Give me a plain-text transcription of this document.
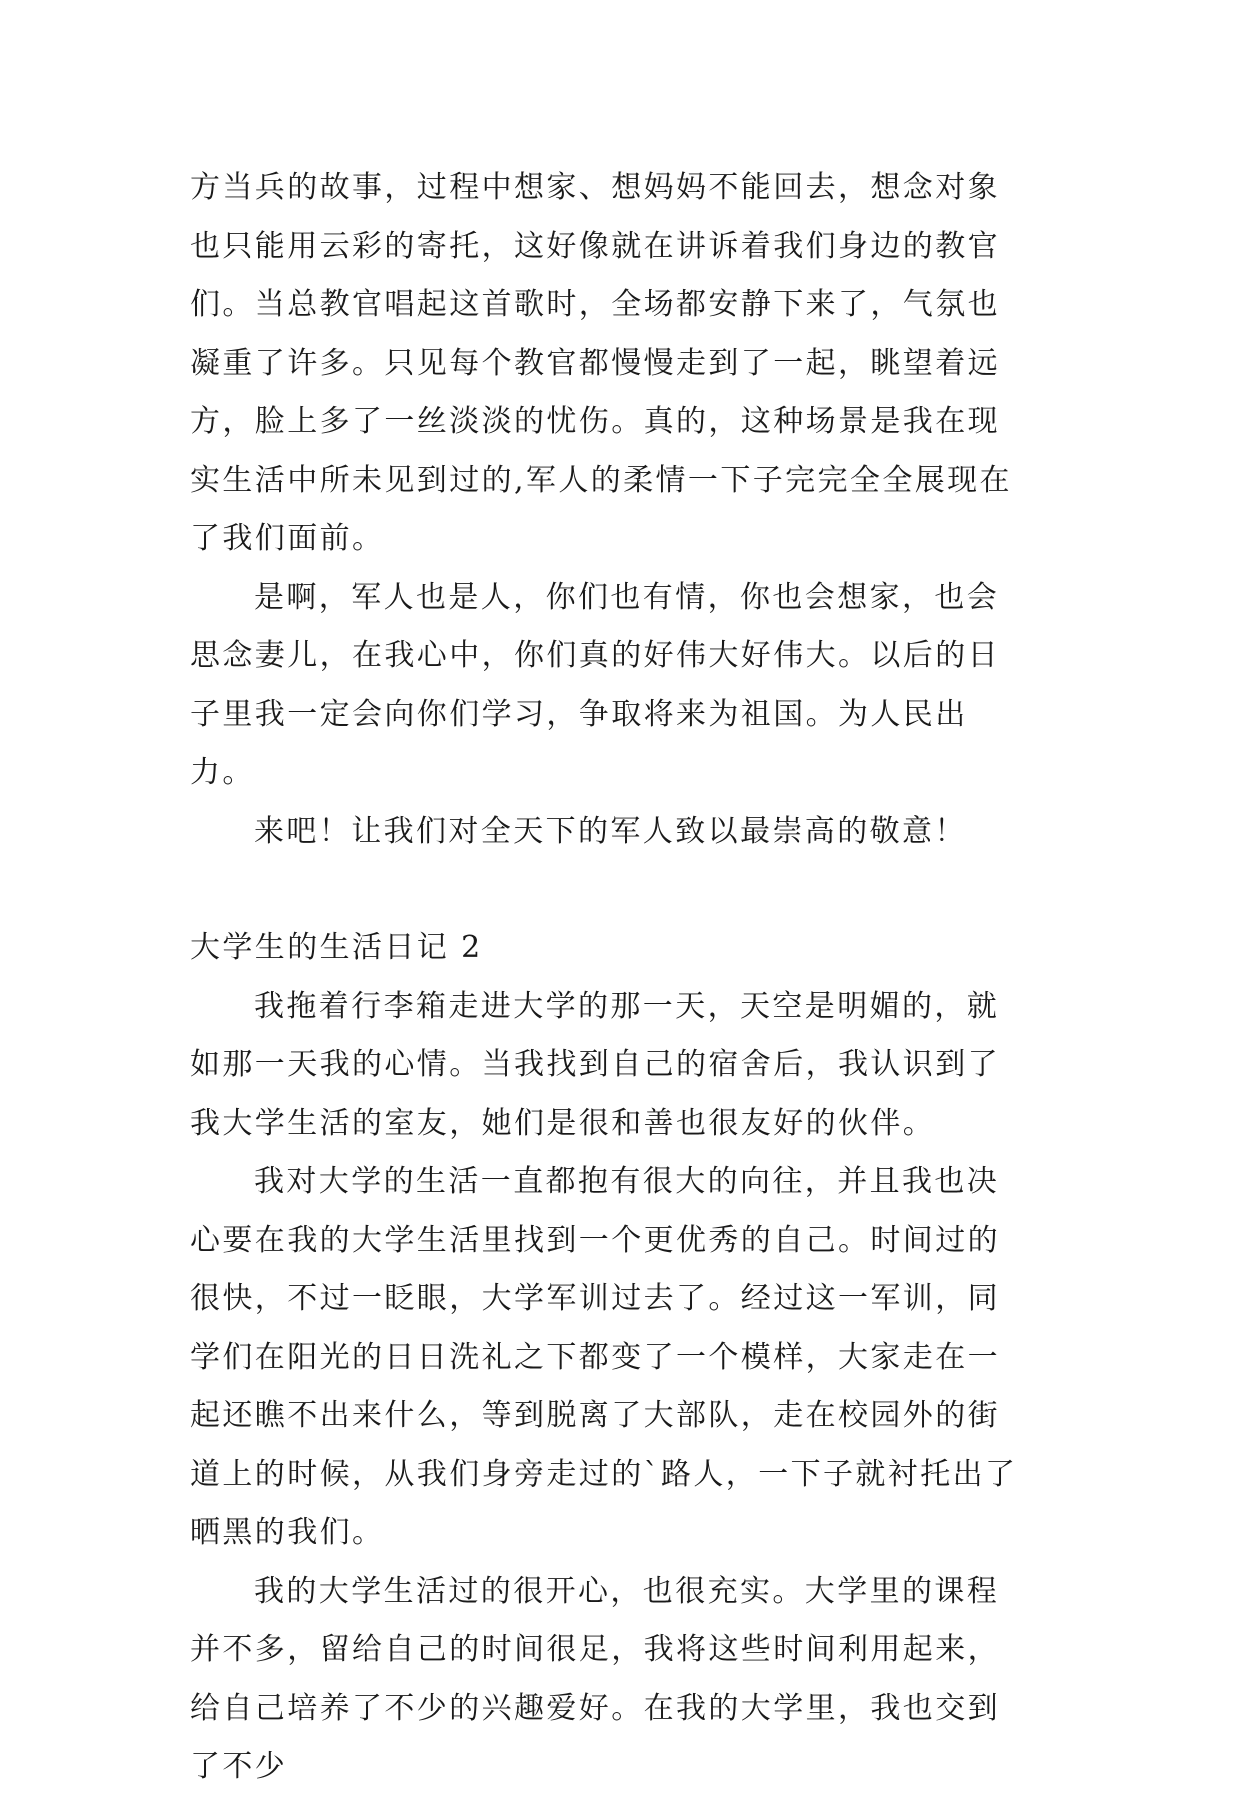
方当兵的故事，过程中想家、想妈妈不能回去，想念对象也只能用云彩的寄托，这好像就在讲诉着我们身边的教官们。当总教官唱起这首歌时，全场都安静下来了，气氛也凝重了许多。只见每个教官都慢慢走到了一起，眺望着远方，脸上多了一丝淡淡的忧伤。真的，这种场景是我在现实生活中所未见到过的,军人的柔情一下子完完全全展现在了我们面前。

是啊，军人也是人，你们也有情，你也会想家，也会思念妻儿，在我心中，你们真的好伟大好伟大。以后的日子里我一定会向你们学习，争取将来为祖国。为人民出力。

来吧！让我们对全天下的军人致以最崇高的敬意！

大学生的生活日记 2

我拖着行李箱走进大学的那一天，天空是明媚的，就如那一天我的心情。当我找到自己的宿舍后，我认识到了我大学生活的室友，她们是很和善也很友好的伙伴。

我对大学的生活一直都抱有很大的向往，并且我也决心要在我的大学生活里找到一个更优秀的自己。时间过的很快，不过一眨眼，大学军训过去了。经过这一军训，同学们在阳光的日日洗礼之下都变了一个模样，大家走在一起还瞧不出来什么，等到脱离了大部队，走在校园外的街道上的时候，从我们身旁走过的`路人，一下子就衬托出了晒黑的我们。

我的大学生活过的很开心，也很充实。大学里的课程并不多，留给自己的时间很足，我将这些时间利用起来，给自己培养了不少的兴趣爱好。在我的大学里，我也交到了不少
